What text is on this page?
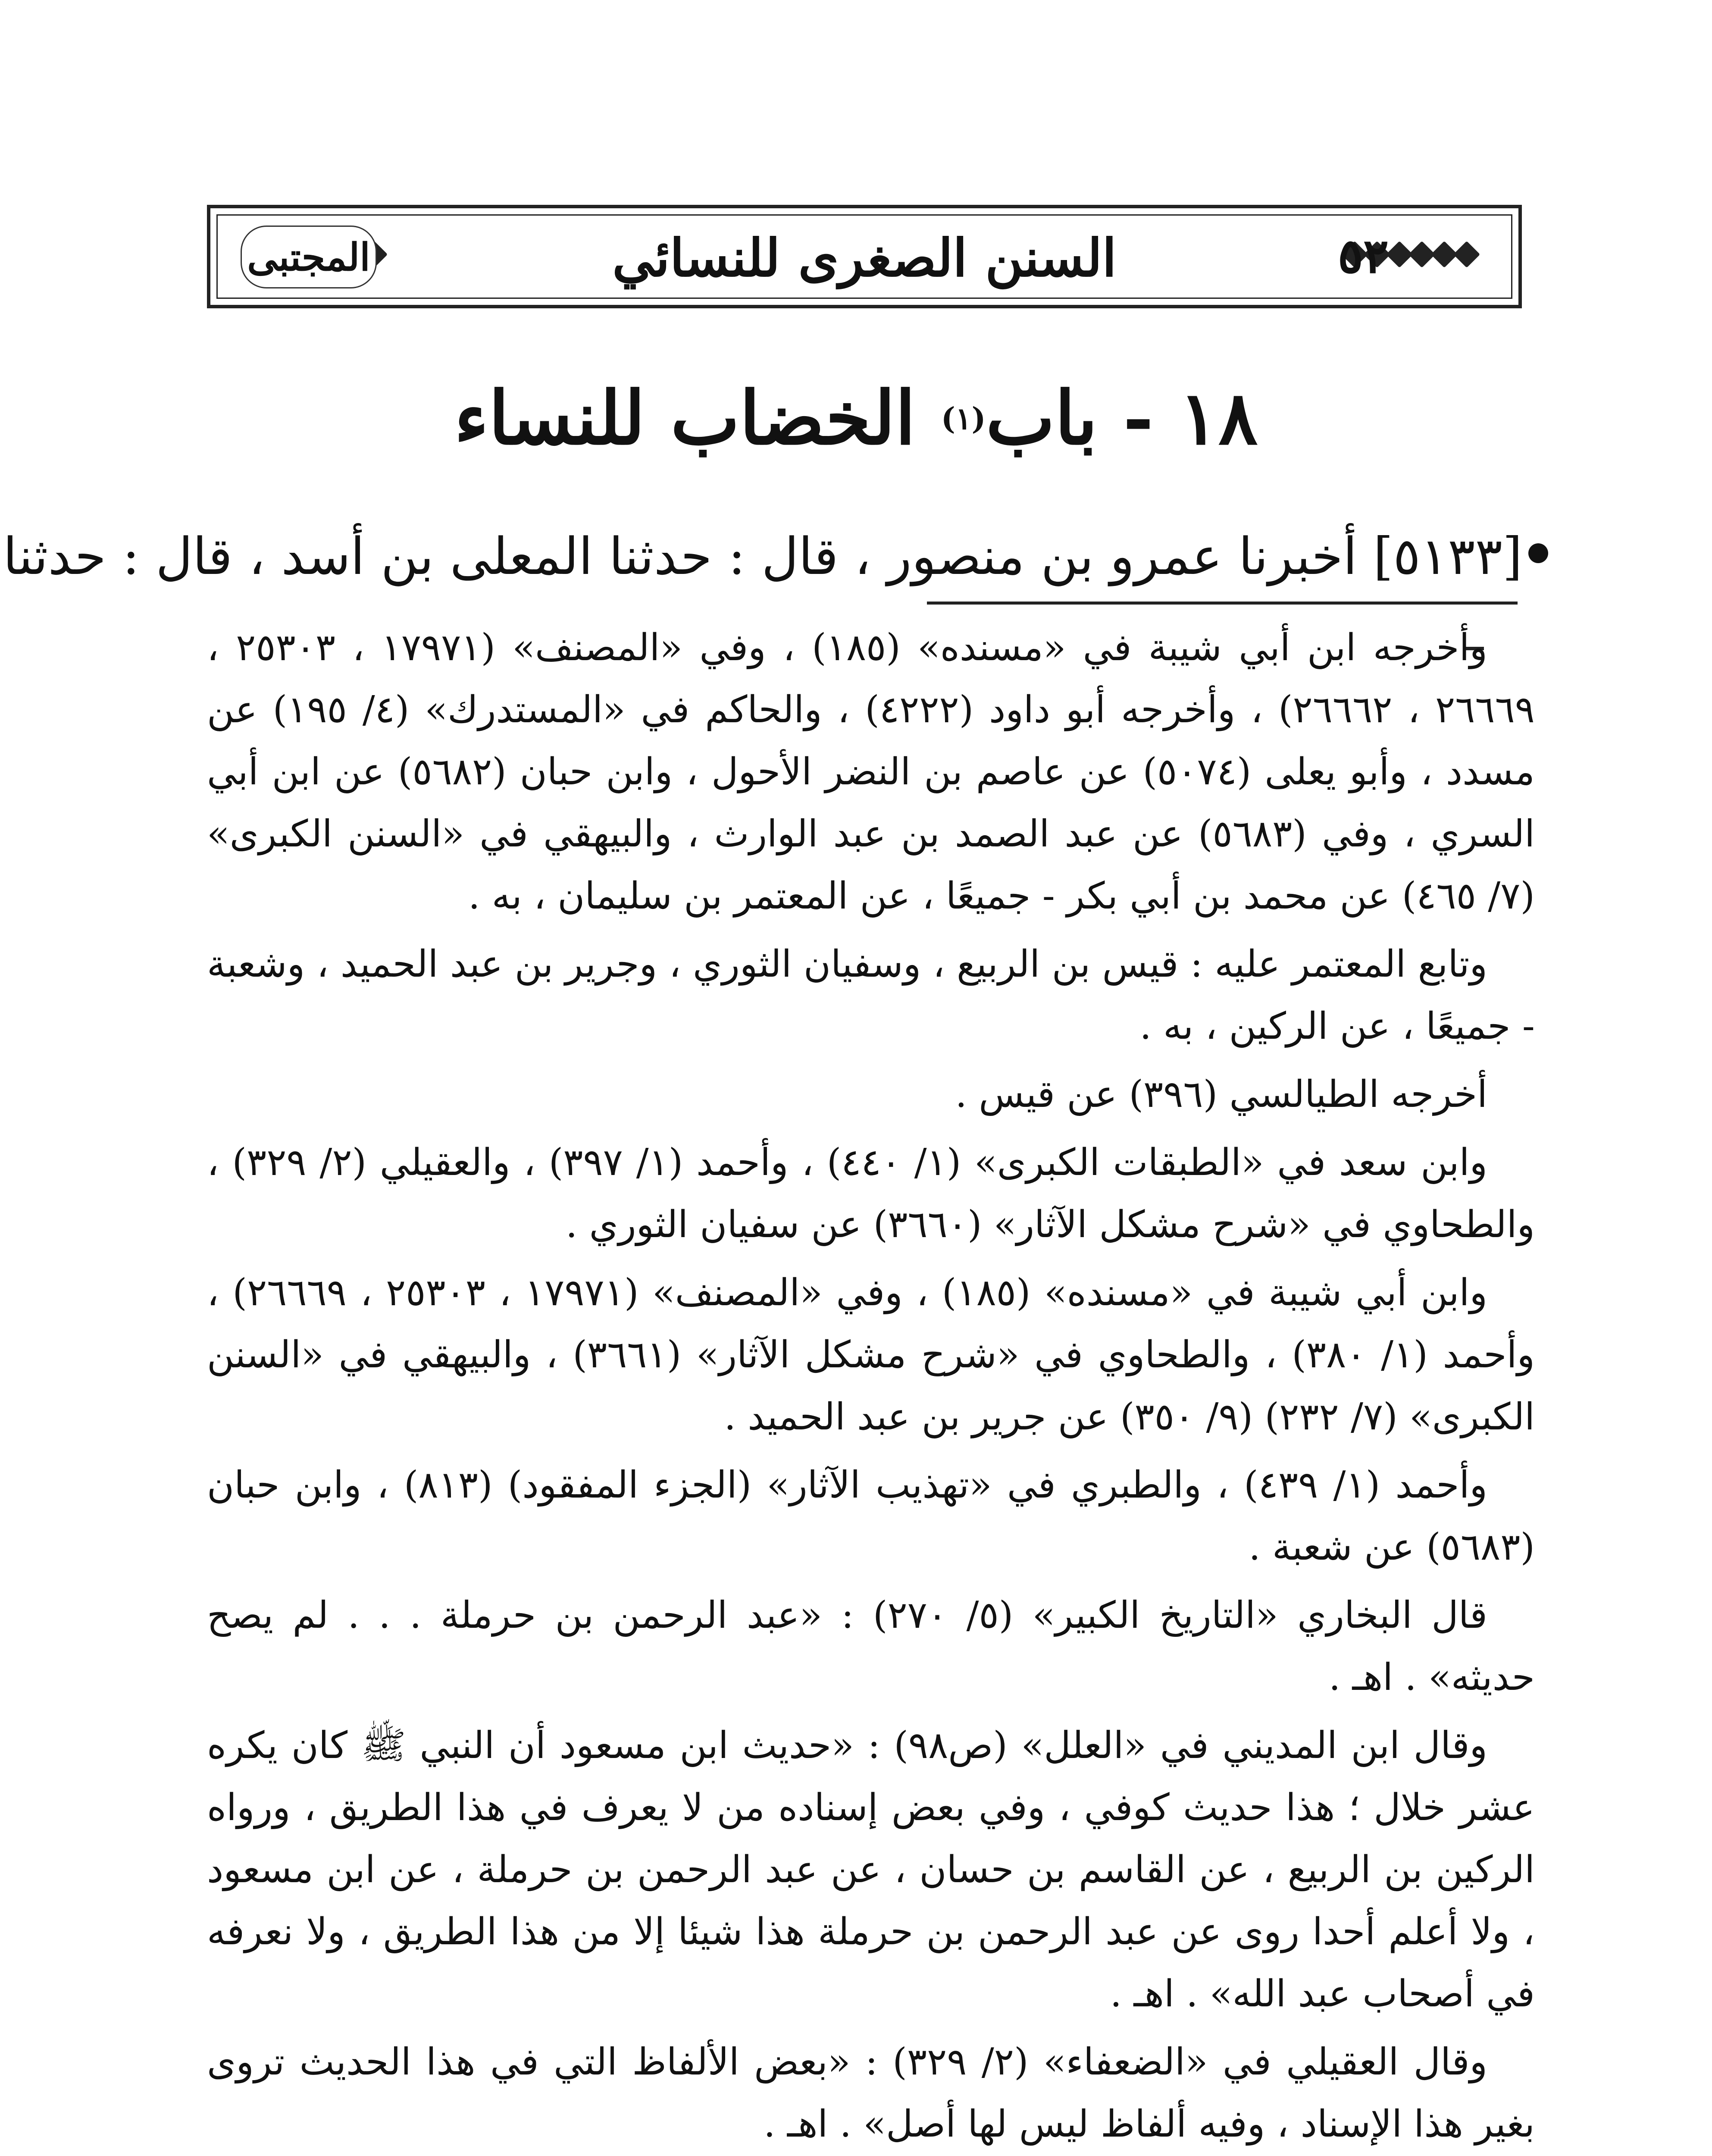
٥٢
السنن الصغرى للنسائي
المجتبى
١٨
-
باب
(١)

الخضاب للنساء
[٥١٣٣]

أخبرنا عمرو بن منصور ، قال : حدثنا المعلى بن أسد ، قال : حدثنا

وأخرجه ابن أبي شيبة في «مسنده» (١٨٥) ، وفي «المصنف» (١٧٩٧١ ، ٢٥٣٠٣ ، ٢٦٦٦٩ ، ٢٦٦٦٢) ، وأخرجه أبو داود (٤٢٢٢) ، والحاكم في «المستدرك» (٤/ ١٩٥) عن مسدد ، وأبو يعلى (٥٠٧٤) عن عاصم بن النضر الأحول ، وابن حبان (٥٦٨٢) عن ابن أبي السري ، وفي (٥٦٨٣) عن عبد الصمد بن عبد الوارث ، والبيهقي في «السنن الكبرى» (٧/ ٤٦٥) عن محمد بن أبي بكر - جميعًا ، عن المعتمر بن سليمان ، به .

وتابع المعتمر عليه : قيس بن الربيع ، وسفيان الثوري ، وجرير بن عبد الحميد ، وشعبة - جميعًا ، عن الركين ، به .

أخرجه الطيالسي (٣٩٦) عن قيس .

وابن سعد في «الطبقات الكبرى» (١/ ٤٤٠) ، وأحمد (١/ ٣٩٧) ، والعقيلي (٢/ ٣٢٩) ، والطحاوي في «شرح مشكل الآثار» (٣٦٦٠) عن سفيان الثوري .

وابن أبي شيبة في «مسنده» (١٨٥) ، وفي «المصنف» (١٧٩٧١ ، ٢٥٣٠٣ ، ٢٦٦٦٩) ، وأحمد (١/ ٣٨٠) ، والطحاوي في «شرح مشكل الآثار» (٣٦٦١) ، والبيهقي في «السنن الكبرى» (٧/ ٢٣٢) (٩/ ٣٥٠) عن جرير بن عبد الحميد .

وأحمد (١/ ٤٣٩) ، والطبري في «تهذيب الآثار» (الجزء المفقود) (٨١٣) ، وابن حبان (٥٦٨٣) عن شعبة .

قال البخاري «التاريخ الكبير» (٥/ ٢٧٠) : «عبد الرحمن بن حرملة . . . لم يصح حديثه» . اهـ .

وقال ابن المديني في «العلل» (ص٩٨) : «حديث ابن مسعود أن النبي ﷺ كان يكره عشر خلال ؛ هذا حديث كوفي ، وفي بعض إسناده من لا يعرف في هذا الطريق ، ورواه الركين بن الربيع ، عن القاسم بن حسان ، عن عبد الرحمن بن حرملة ، عن ابن مسعود ، ولا أعلم أحدا روى عن عبد الرحمن بن حرملة هذا شيئا إلا من هذا الطريق ، ولا نعرفه في أصحاب عبد الله» . اهـ .

وقال العقيلي في «الضعفاء» (٢/ ٣٢٩) : «بعض الألفاظ التي في هذا الحديث تروى بغير هذا الإسناد ، وفيه ألفاظ ليس لها أصل» . اهـ .
